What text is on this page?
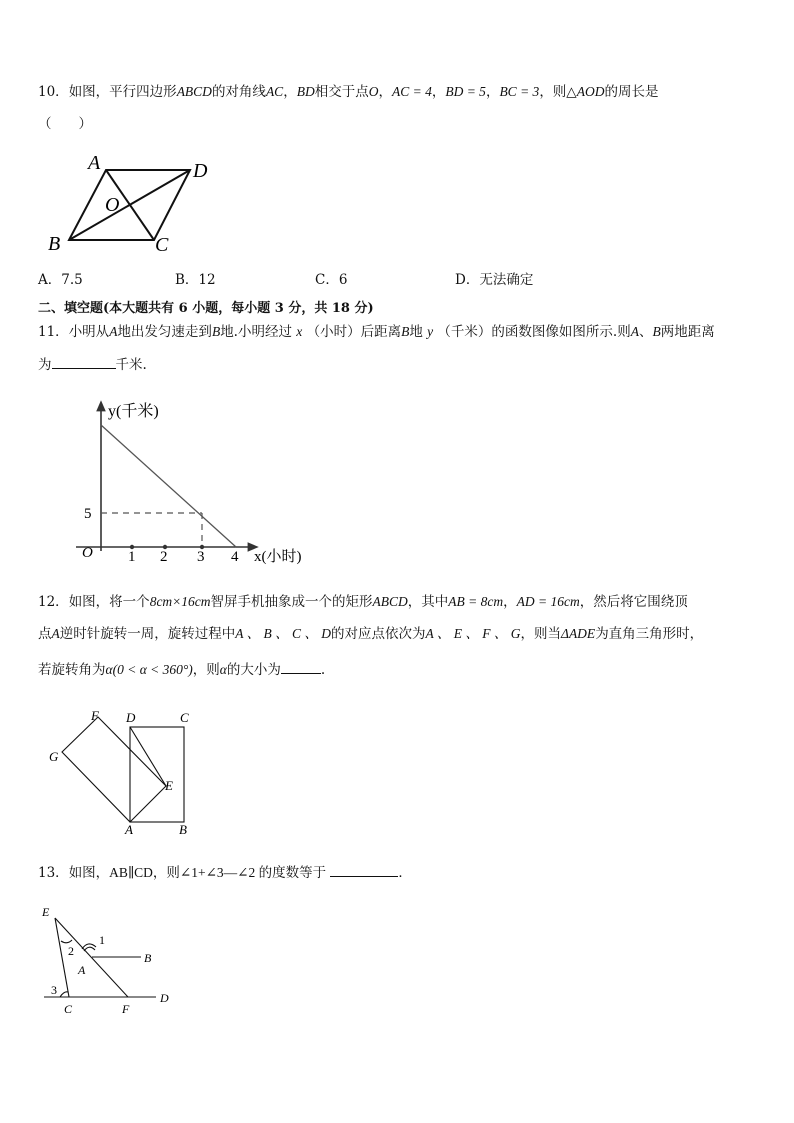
10．如图，平行四边形ABCD的对角线AC，BD相交于点O，AC = 4，BD = 5，BC = 3，则△AOD的周长是
（　　）
A	D
O
B	C
A．7.5	B．12	C．6	D．无法确定
二、填空题(本大题共有 6 小题，每小题 3 分，共 18 分)
11．小明从A地出发匀速走到B地.小明经过 x （小时）后距离B地 y （千米）的函数图像如图所示.则A、B两地距离
为	千米.
y(千米)
5
O 1 2 3 4 x(小时)
12．如图，将一个8cm×16cm智屏手机抽象成一个的矩形ABCD，其中AB = 8cm，AD = 16cm，然后将它围绕顶
点A逆时针旋转一周，旋转过程中A 、 B 、 C 、 D的对应点依次为A 、 E 、 F 、 G，则当ΔADE为直角三角形时，
若旋转角为α(0 < α < 360°)，则α的大小为	.
F D	C
G
E
A	B
13．如图，AB∥CD，则∠1+∠3—∠2 的度数等于	．
E
1
2
A
B
3
C	F
D
